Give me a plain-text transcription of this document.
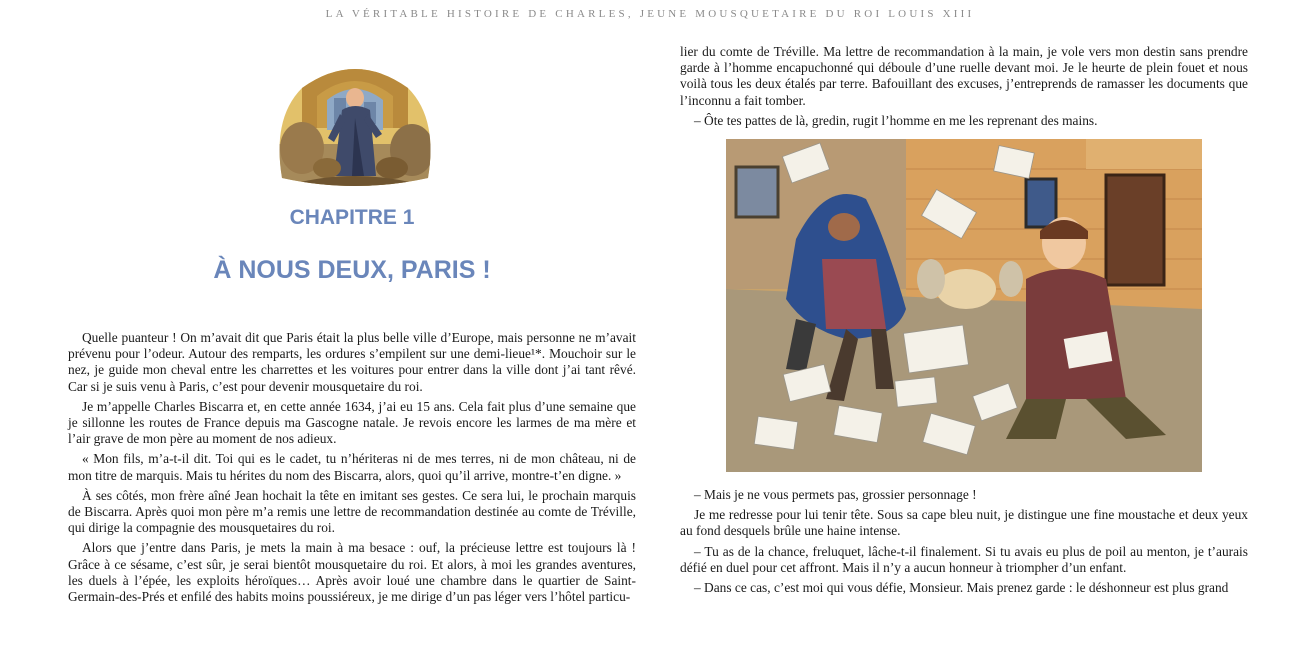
LA VÉRITABLE HISTOIRE DE CHARLES, JEUNE MOUSQUETAIRE DU ROI LOUIS XIII
CHAPITRE 1
À NOUS DEUX, PARIS !

Quelle puanteur ! On m’avait dit que Paris était la plus belle ville d’Europe, mais personne ne m’avait prévenu pour l’odeur. Autour des remparts, les ordures s’empilent sur une demi-lieue¹*. Mouchoir sur le nez, je guide mon cheval entre les charrettes et les voitures pour entrer dans la ville dont j’ai tant rêvé. Car si je suis venu à Paris, c’est pour devenir mousquetaire du roi.

Je m’appelle Charles Biscarra et, en cette année 1634, j’ai eu 15 ans. Cela fait plus d’une semaine que je sillonne les routes de France depuis ma Gascogne natale. Je revois encore les larmes de ma mère et l’air grave de mon père au moment de nos adieux.

« Mon fils, m’a-t-il dit. Toi qui es le cadet, tu n’hériteras ni de mes terres, ni de mon château, ni de mon titre de marquis. Mais tu hérites du nom des Biscarra, alors, quoi qu’il arrive, montre-t’en digne. »

À ses côtés, mon frère aîné Jean hochait la tête en imitant ses gestes. Ce sera lui, le prochain marquis de Biscarra. Après quoi mon père m’a remis une lettre de recommandation destinée au comte de Tréville, qui dirige la compagnie des mousquetaires du roi.

Alors que j’entre dans Paris, je mets la main à ma besace : ouf, la précieuse lettre est toujours là ! Grâce à ce sésame, c’est sûr, je serai bientôt mousquetaire du roi. Et alors, à moi les grandes aventures, les duels à l’épée, les exploits héroïques… Après avoir loué une chambre dans le quartier de Saint-Germain-des-Prés et enfilé des habits moins poussiéreux, je me dirige d’un pas léger vers l’hôtel particu-

lier du comte de Tréville. Ma lettre de recommandation à la main, je vole vers mon destin sans prendre garde à l’homme encapuchonné qui déboule d’une ruelle devant moi. Je le heurte de plein fouet et nous voilà tous les deux étalés par terre. Bafouillant des excuses, j’entreprends de ramasser les documents que l’inconnu a fait tomber.

– Ôte tes pattes de là, gredin, rugit l’homme en me les reprenant des mains.

– Mais je ne vous permets pas, grossier personnage !

Je me redresse pour lui tenir tête. Sous sa cape bleu nuit, je distingue une fine moustache et deux yeux au fond desquels brûle une haine intense.

– Tu as de la chance, freluquet, lâche-t-il finalement. Si tu avais eu plus de poil au menton, je t’aurais défié en duel pour cet affront. Mais il n’y a aucun honneur à triompher d’un enfant.

– Dans ce cas, c’est moi qui vous défie, Monsieur. Mais prenez garde : le déshonneur est plus grand
